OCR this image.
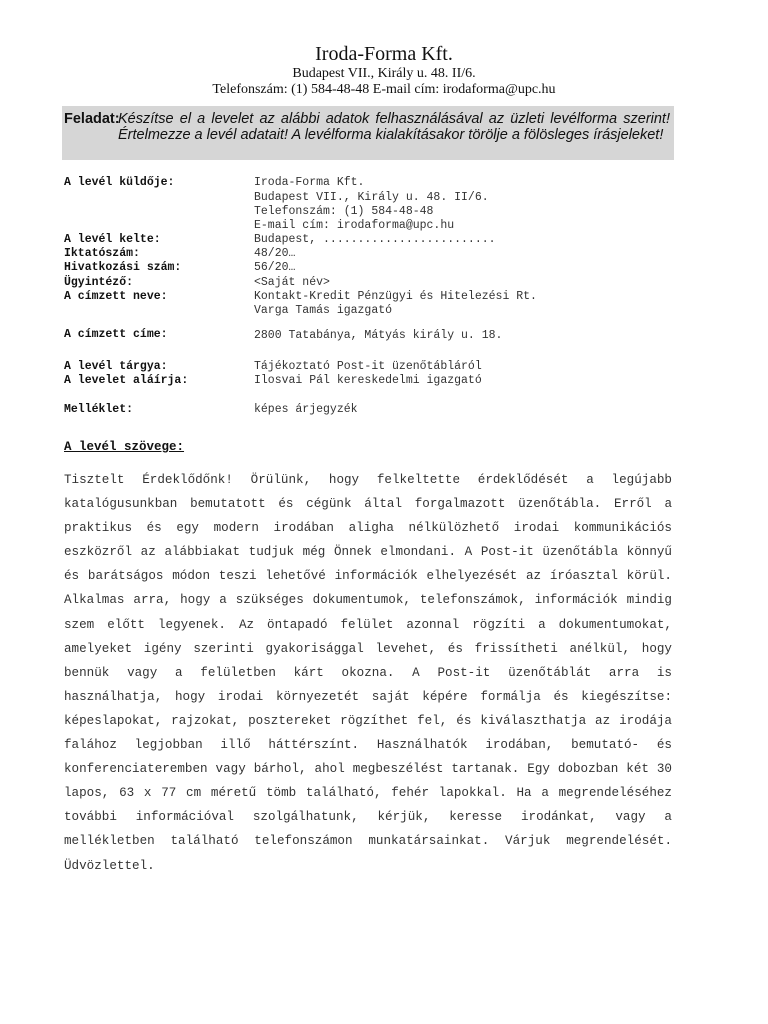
Iroda-Forma Kft.
Budapest VII., Király u. 48. II/6.
Telefonszám: (1) 584-48-48 E-mail cím: irodaforma@upc.hu
Feladat:
Készítse el a levelet az alábbi adatok felhasználásával az üzleti levélforma szerint! Értelmezze a levél adatait! A levélforma kialakításakor törölje a fölösleges írásjeleket!
A levél küldője:	Iroda-Forma Kft.
Budapest VII., Király u. 48. II/6.
Telefonszám: (1) 584-48-48
E-mail cím: irodaforma@upc.hu
A levél kelte:	Budapest, .........................
Iktatószám:	48/20…
Hivatkozási szám:	56/20…
Ügyintéző:	<Saját név>
A címzett neve:	Kontakt-Kredit Pénzügyi és Hitelezési Rt.
Varga Tamás igazgató
A címzett címe:	2800 Tatabánya, Mátyás király u. 18.
A levél tárgya:	Tájékoztató Post-it üzenőtábláról
A levelet aláírja:	Ilosvai Pál kereskedelmi igazgató
Melléklet:	képes árjegyzék
A levél szövege:
Tisztelt Érdeklődőnk! Örülünk, hogy felkeltette érdeklődését a legújabb katalógusunkban bemutatott és cégünk által forgalmazott üzenőtábla. Erről a praktikus és egy modern irodában aligha nélkülözhető irodai kommunikációs eszközről az alábbiakat tudjuk még Önnek elmondani. A Post-it üzenőtábla könnyű és barátságos módon teszi lehetővé információk elhelyezését az íróasztal körül. Alkalmas arra, hogy a szükséges dokumentumok, telefonszámok, információk mindig szem előtt legyenek. Az öntapadó felület azonnal rögzíti a dokumentumokat, amelyeket igény szerinti gyakorisággal levehet, és frissítheti anélkül, hogy bennük vagy a felületben kárt okozna. A Post-it üzenőtáblát arra is használhatja, hogy irodai környezetét saját képére formálja és kiegészítse: képeslapokat, rajzokat, posztereket rögzíthet fel, és kiválaszthatja az irodája falához legjobban illő háttérszínt. Használhatók irodában, bemutató- és konferenciateremben vagy bárhol, ahol megbeszélést tartanak. Egy dobozban két 30 lapos, 63 x 77 cm méretű tömb található, fehér lapokkal. Ha a megrendeléséhez további információval szolgálhatunk, kérjük, keresse irodánkat, vagy a mellékletben található telefonszámon munkatársainkat. Várjuk megrendelését. Üdvözlettel.
